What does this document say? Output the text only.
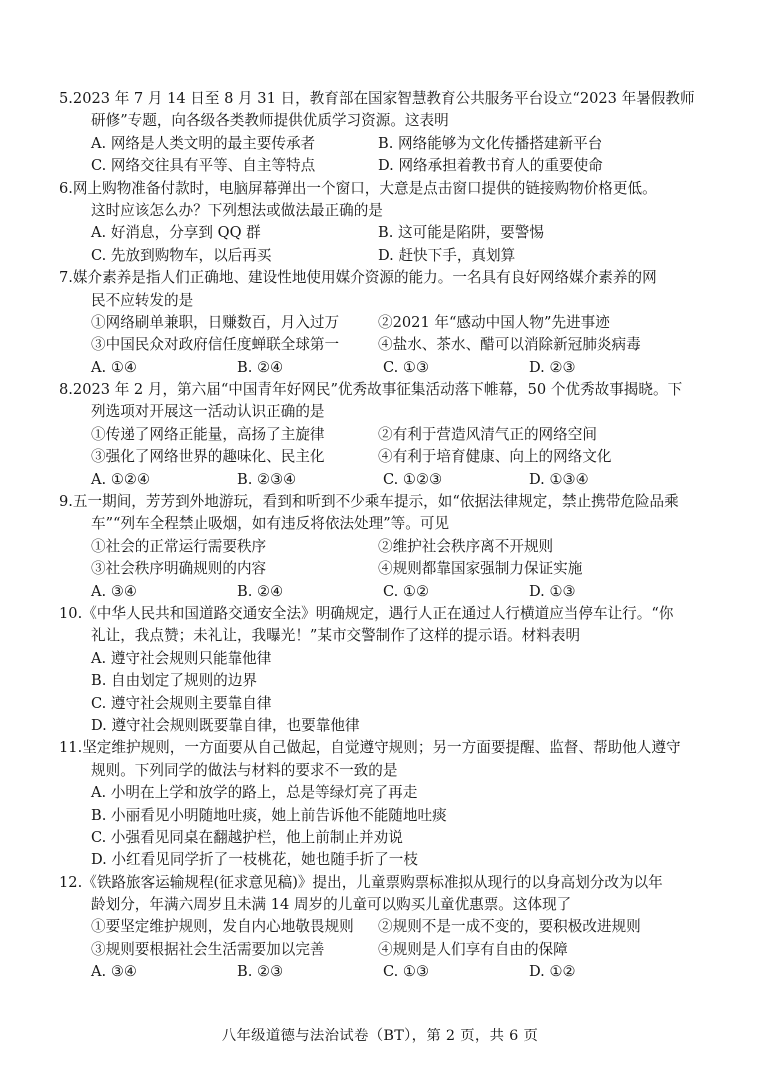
5.2023 年 7 月 14 日至 8 月 31 日，教育部在国家智慧教育公共服务平台设立“2023 年暑假教师
研修”专题，向各级各类教师提供优质学习资源。这表明
A. 网络是人类文明的最主要传承者	B. 网络能够为文化传播搭建新平台
C. 网络交往具有平等、自主等特点	D. 网络承担着教书育人的重要使命
6.网上购物准备付款时，电脑屏幕弹出一个窗口，大意是点击窗口提供的链接购物价格更低。
这时应该怎么办？下列想法或做法最正确的是
A. 好消息，分享到 QQ 群	B. 这可能是陷阱，要警惕
C. 先放到购物车，以后再买	D. 赶快下手，真划算
7.媒介素养是指人们正确地、建设性地使用媒介资源的能力。一名具有良好网络媒介素养的网
民不应转发的是
①网络刷单兼职，日赚数百，月入过万	②2021 年“感动中国人物”先进事迹
③中国民众对政府信任度蝉联全球第一	④盐水、茶水、醋可以消除新冠肺炎病毒
A. ①④	B. ②④	C. ①③	D. ②③
8.2023 年 2 月，第六届“中国青年好网民”优秀故事征集活动落下帷幕，50 个优秀故事揭晓。下
列选项对开展这一活动认识正确的是
①传递了网络正能量，高扬了主旋律	②有利于营造风清气正的网络空间
③强化了网络世界的趣味化、民主化	④有利于培育健康、向上的网络文化
A. ①②④	B. ②③④	C. ①②③	D. ①③④
9.五一期间，芳芳到外地游玩，看到和听到不少乘车提示，如“依据法律规定，禁止携带危险品乘
车”“列车全程禁止吸烟，如有违反将依法处理”等。可见
①社会的正常运行需要秩序	②维护社会秩序离不开规则
③社会秩序明确规则的内容	④规则都靠国家强制力保证实施
A. ③④	B. ②④	C. ①②	D. ①③
10.《中华人民共和国道路交通安全法》明确规定，遇行人正在通过人行横道应当停车让行。“你
礼让，我点赞；未礼让，我曝光！”某市交警制作了这样的提示语。材料表明
A. 遵守社会规则只能靠他律
B. 自由划定了规则的边界
C. 遵守社会规则主要靠自律
D. 遵守社会规则既要靠自律，也要靠他律
11.坚定维护规则，一方面要从自己做起，自觉遵守规则；另一方面要提醒、监督、帮助他人遵守
规则。下列同学的做法与材料的要求不一致的是
A. 小明在上学和放学的路上，总是等绿灯亮了再走
B. 小丽看见小明随地吐痰，她上前告诉他不能随地吐痰
C. 小强看见同桌在翻越护栏，他上前制止并劝说
D. 小红看见同学折了一枝桃花，她也随手折了一枝
12.《铁路旅客运输规程(征求意见稿)》提出，儿童票购票标准拟从现行的以身高划分改为以年
龄划分，年满六周岁且未满 14 周岁的儿童可以购买儿童优惠票。这体现了
①要坚定维护规则，发自内心地敬畏规则	②规则不是一成不变的，要积极改进规则
③规则要根据社会生活需要加以完善	④规则是人们享有自由的保障
A. ③④	B. ②③	C. ①③	D. ①②
八年级道德与法治试卷（BT），第 2 页，共 6 页
